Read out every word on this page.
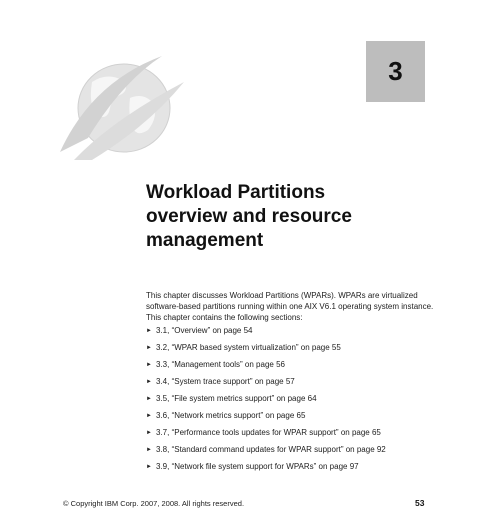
3
Workload Partitions
overview and resource
management
This chapter discusses Workload Partitions (WPARs). WPARs are virtualized software-based partitions running within one AIX V6.1 operating system instance. This chapter contains the following sections:
► 3.1, “Overview” on page 54
► 3.2, “WPAR based system virtualization” on page 55
► 3.3, “Management tools” on page 56
► 3.4, “System trace support” on page 57
► 3.5, “File system metrics support” on page 64
► 3.6, “Network metrics support” on page 65
► 3.7, “Performance tools updates for WPAR support” on page 65
► 3.8, “Standard command updates for WPAR support” on page 92
► 3.9, “Network file system support for WPARs” on page 97
© Copyright IBM Corp. 2007, 2008. All rights reserved.	53
